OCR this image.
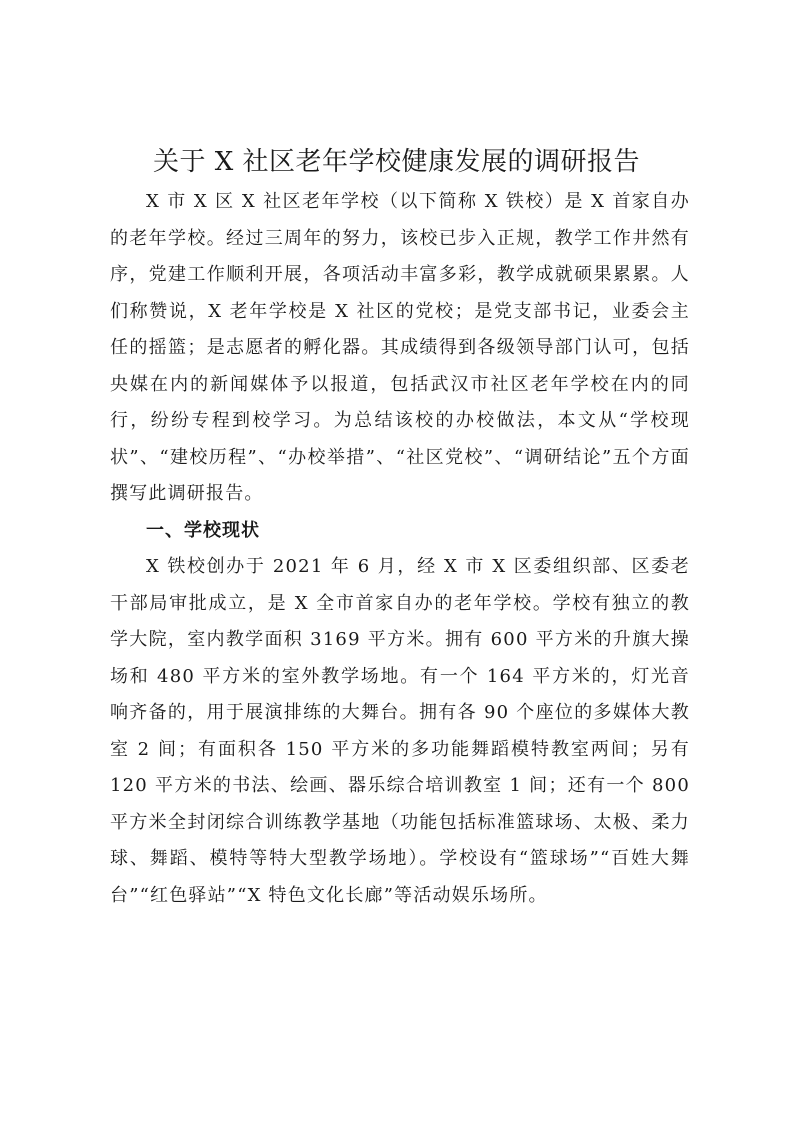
关于 X 社区老年学校健康发展的调研报告

X 市 X 区 X 社区老年学校（以下简称 X 铁校）是 X 首家自办的老年学校。经过三周年的努力，该校已步入正规，教学工作井然有序，党建工作顺利开展，各项活动丰富多彩，教学成就硕果累累。人们称赞说，X 老年学校是 X 社区的党校；是党支部书记，业委会主任的摇篮；是志愿者的孵化器。其成绩得到各级领导部门认可，包括央媒在内的新闻媒体予以报道，包括武汉市社区老年学校在内的同行，纷纷专程到校学习。为总结该校的办校做法，本文从“学校现状”、“建校历程”、“办校举措”、“社区党校”、“调研结论”五个方面撰写此调研报告。

一、学校现状

X 铁校创办于 2021 年 6 月，经 X 市 X 区委组织部、区委老干部局审批成立，是 X 全市首家自办的老年学校。学校有独立的教学大院，室内教学面积 3169 平方米。拥有 600 平方米的升旗大操场和 480 平方米的室外教学场地。有一个 164 平方米的，灯光音响齐备的，用于展演排练的大舞台。拥有各 90 个座位的多媒体大教室 2 间；有面积各 150 平方米的多功能舞蹈模特教室两间；另有 120 平方米的书法、绘画、器乐综合培训教室 1 间；还有一个 800 平方米全封闭综合训练教学基地（功能包括标准篮球场、太极、柔力球、舞蹈、模特等特大型教学场地）。学校设有“篮球场”“百姓大舞台”“红色驿站”“X 特色文化长廊”等活动娱乐场所。
